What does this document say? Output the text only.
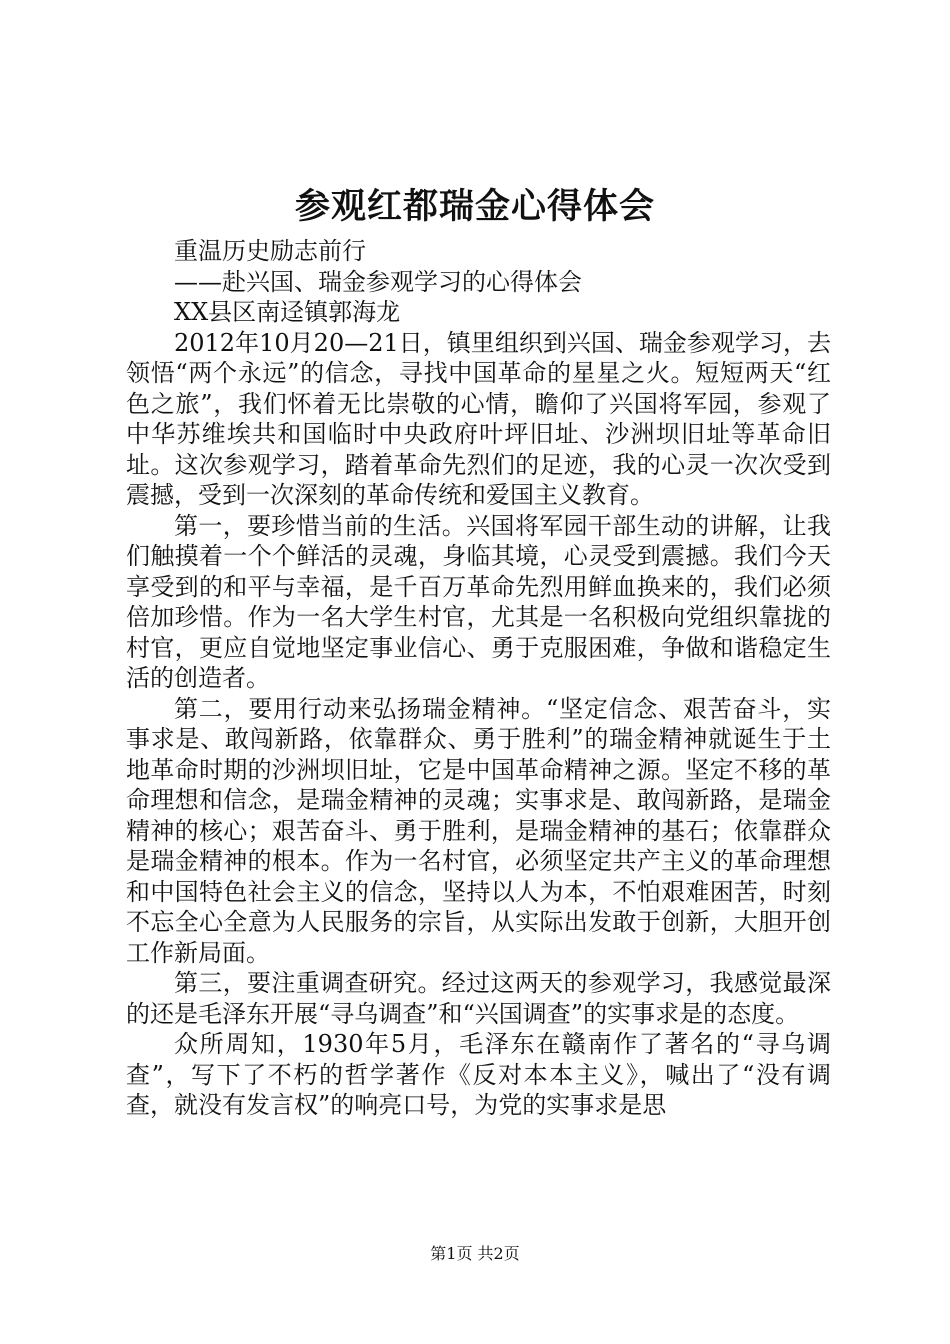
参观红都瑞金心得体会

重温历史励志前行

——赴兴国、瑞金参观学习的心得体会

XX县区南迳镇郭海龙

2012年10月20—21日，镇里组织到兴国、瑞金参观学习，去领悟“两个永远”的信念，寻找中国革命的星星之火。短短两天“红色之旅”，我们怀着无比崇敬的心情，瞻仰了兴国将军园，参观了中华苏维埃共和国临时中央政府叶坪旧址、沙洲坝旧址等革命旧址。这次参观学习，踏着革命先烈们的足迹，我的心灵一次次受到震撼，受到一次深刻的革命传统和爱国主义教育。

第一，要珍惜当前的生活。兴国将军园干部生动的讲解，让我们触摸着一个个鲜活的灵魂，身临其境，心灵受到震撼。我们今天享受到的和平与幸福，是千百万革命先烈用鲜血换来的，我们必须倍加珍惜。作为一名大学生村官，尤其是一名积极向党组织靠拢的村官，更应自觉地坚定事业信心、勇于克服困难，争做和谐稳定生活的创造者。

第二，要用行动来弘扬瑞金精神。“坚定信念、艰苦奋斗，实事求是、敢闯新路，依靠群众、勇于胜利”的瑞金精神就诞生于土地革命时期的沙洲坝旧址，它是中国革命精神之源。坚定不移的革命理想和信念，是瑞金精神的灵魂；实事求是、敢闯新路，是瑞金精神的核心；艰苦奋斗、勇于胜利，是瑞金精神的基石；依靠群众是瑞金精神的根本。作为一名村官，必须坚定共产主义的革命理想和中国特色社会主义的信念，坚持以人为本，不怕艰难困苦，时刻不忘全心全意为人民服务的宗旨，从实际出发敢于创新，大胆开创工作新局面。

第三，要注重调查研究。经过这两天的参观学习，我感觉最深的还是毛泽东开展“寻乌调查”和“兴国调查”的实事求是的态度。

众所周知，1930年5月，毛泽东在赣南作了著名的“寻乌调查”，写下了不朽的哲学著作《反对本本主义》，喊出了“没有调查，就没有发言权”的响亮口号，为党的实事求是思

第1页 共2页
